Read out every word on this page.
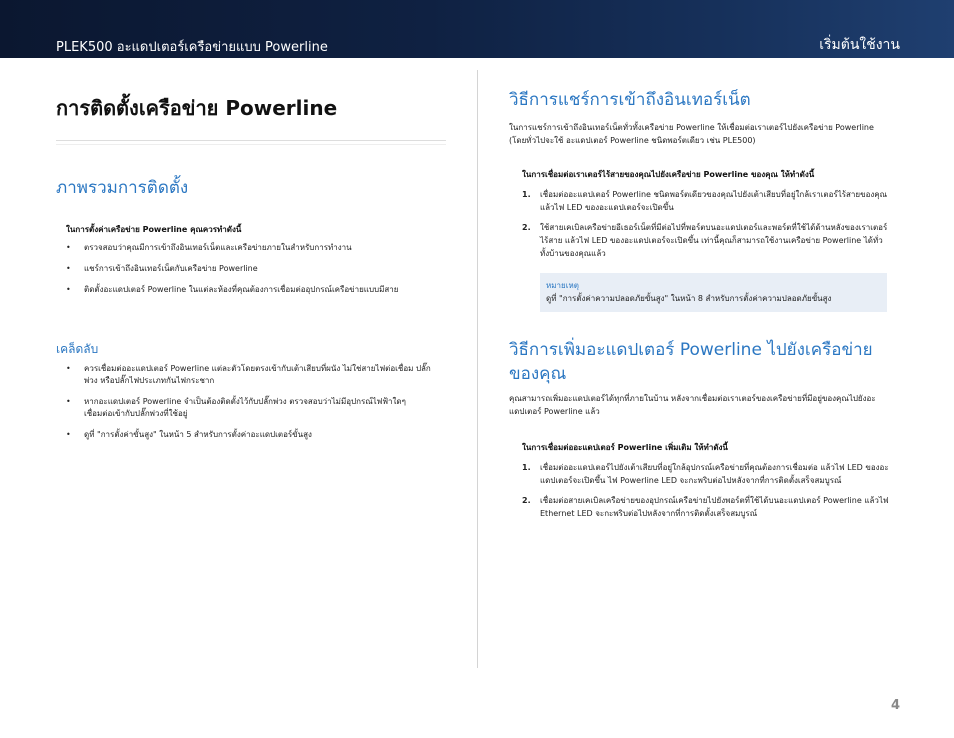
PLEK500 อะแดปเตอร์เครือข่ายแบบ Powerline	เริ่มต้นใช้งาน
การติดตั้งเครือข่าย Powerline
ภาพรวมการติดตั้ง

ในการตั้งค่าเครือข่าย Powerline คุณควรทำดังนี้

• ตรวจสอบว่าคุณมีการเข้าถึงอินเทอร์เน็ตและเครือข่ายภายในสำหรับการทำงาน
• แชร์การเข้าถึงอินเทอร์เน็ตกับเครือข่าย Powerline
• ติดตั้งอะแดปเตอร์ Powerline ในแต่ละห้องที่คุณต้องการเชื่อมต่ออุปกรณ์เครือข่ายแบบมีสาย
เคล็ดลับ
• ควรเชื่อมต่ออะแดปเตอร์ Powerline แต่ละตัวโดยตรงเข้ากับเต้าเสียบที่ผนัง ไม่ใช่สายไฟต่อเชื่อม ปลั๊กพ่วง หรือปลั๊กไฟประเภทกันไฟกระชาก
• หากอะแดปเตอร์ Powerline จำเป็นต้องติดตั้งไว้กับปลั๊กพ่วง ตรวจสอบว่าไม่มีอุปกรณ์ไฟฟ้าใดๆ เชื่อมต่อเข้ากับปลั๊กพ่วงที่ใช้อยู่
• ดูที่ "การตั้งค่าขั้นสูง" ในหน้า 5 สำหรับการตั้งค่าอะแดปเตอร์ขั้นสูง
วิธีการแชร์การเข้าถึงอินเทอร์เน็ต

ในการแชร์การเข้าถึงอินเทอร์เน็ตทั่วทั้งเครือข่าย Powerline ให้เชื่อมต่อเราเตอร์ไปยังเครือข่าย Powerline (โดยทั่วไปจะใช้ อะแดปเตอร์ Powerline ชนิดพอร์ตเดียว เช่น PLE500)

ในการเชื่อมต่อเราเตอร์ไร้สายของคุณไปยังเครือข่าย Powerline ของคุณ ให้ทำดังนี้

1. เชื่อมต่ออะแดปเตอร์ Powerline ชนิดพอร์ตเดียวของคุณไปยังเต้าเสียบที่อยู่ใกล้เราเตอร์ไร้สายของคุณ แล้วไฟ LED ของอะแดปเตอร์จะเปิดขึ้น
2. ใช้สายเคเบิลเครือข่ายอีเธอร์เน็ตที่มีต่อไปที่พอร์ตบนอะแดปเตอร์และพอร์ตที่ใช้ได้ด้านหลังของเราเตอร์ไร้สาย แล้วไฟ LED ของอะแดปเตอร์จะเปิดขึ้น เท่านี้คุณก็สามารถใช้งานเครือข่าย Powerline ได้ทั่วทั้งบ้านของคุณแล้ว
หมายเหตุ
ดูที่ "การตั้งค่าความปลอดภัยขั้นสูง" ในหน้า 8 สำหรับการตั้งค่าความปลอดภัยขั้นสูง
วิธีการเพิ่มอะแดปเตอร์ Powerline ไปยังเครือข่ายของคุณ

คุณสามารถเพิ่มอะแดปเตอร์ได้ทุกที่ภายในบ้าน หลังจากเชื่อมต่อเราเตอร์ของเครือข่ายที่มีอยู่ของคุณไปยังอะแดปเตอร์ Powerline แล้ว

ในการเชื่อมต่ออะแดปเตอร์ Powerline เพิ่มเติม ให้ทำดังนี้

1. เชื่อมต่ออะแดปเตอร์ไปยังเต้าเสียบที่อยู่ใกล้อุปกรณ์เครือข่ายที่คุณต้องการเชื่อมต่อ แล้วไฟ LED ของอะแดปเตอร์จะเปิดขึ้น ไฟ Powerline LED จะกะพริบต่อไปหลังจากที่การติดตั้งเสร็จสมบูรณ์
2. เชื่อมต่อสายเคเบิลเครือข่ายของอุปกรณ์เครือข่ายไปยังพอร์ตที่ใช้ได้บนอะแดปเตอร์ Powerline แล้วไฟ Ethernet LED จะกะพริบต่อไปหลังจากที่การติดตั้งเสร็จสมบูรณ์
4
